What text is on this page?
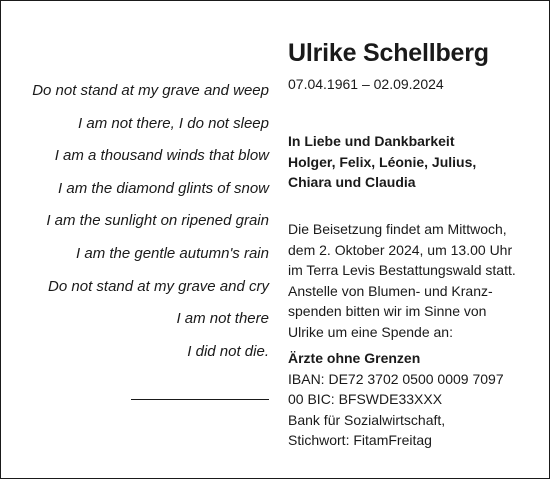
Do not stand at my grave and weep
I am not there, I do not sleep
I am a thousand winds that blow
I am the diamond glints of snow
I am the sunlight on ripened grain
I am the gentle autumn's rain
Do not stand at my grave and cry
I am not there
I did not die.
Ulrike Schellberg
07.04.1961 – 02.09.2024
In Liebe und Dankbarkeit
Holger, Felix, Léonie, Julius,
Chiara und Claudia
Die Beisetzung findet am Mittwoch,
dem 2. Oktober 2024, um 13.00 Uhr
im Terra Levis Bestattungswald statt.
Anstelle von Blumen- und Kranz-
spenden bitten wir im Sinne von
Ulrike um eine Spende an:
Ärzte ohne Grenzen
IBAN: DE72 3702 0500 0009 7097
00 BIC: BFSWDE33XXX
Bank für Sozialwirtschaft,
Stichwort: FitamFreitag
